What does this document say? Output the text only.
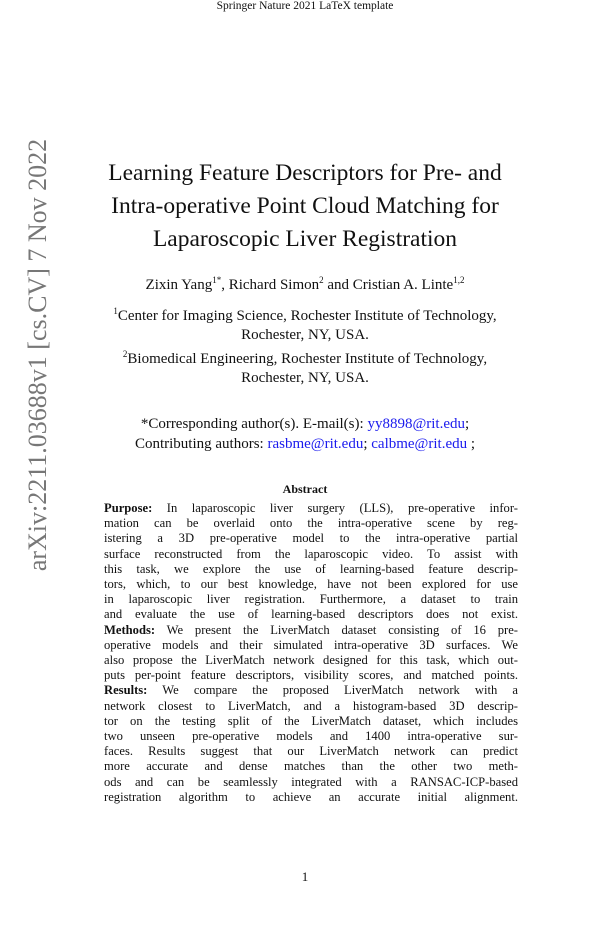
Springer Nature 2021 LaTeX template
arXiv:2211.03688v1 [cs.CV] 7 Nov 2022	Learning Feature Descriptors for Pre- and
Intra-operative Point Cloud Matching for
Laparoscopic Liver Registration
Zixin Yang$^{1*}$, Richard Simon$^2$ and Cristian A. Linte$^{1,2}$
$^1$Center for Imaging Science, Rochester Institute of Technology,
Rochester, NY, USA.
$^2$Biomedical Engineering, Rochester Institute of Technology,
Rochester, NY, USA.
*Corresponding author(s). E-mail(s): yy8898@rit.edu;
Contributing authors: rasbme@rit.edu; calbme@rit.edu ;
Abstract
Purpose: In laparoscopic liver surgery (LLS), pre-operative infor-
mation can be overlaid onto the intra-operative scene by reg-
istering a 3D pre-operative model to the intra-operative partial
surface reconstructed from the laparoscopic video. To assist with
this task, we explore the use of learning-based feature descrip-
tors, which, to our best knowledge, have not been explored for use
in laparoscopic liver registration. Furthermore, a dataset to train
and evaluate the use of learning-based descriptors does not exist.
Methods: We present the LiverMatch dataset consisting of 16 pre-
operative models and their simulated intra-operative 3D surfaces. We
also propose the LiverMatch network designed for this task, which out-
puts per-point feature descriptors, visibility scores, and matched points.
Results: We compare the proposed LiverMatch network with a
network closest to LiverMatch, and a histogram-based 3D descrip-
tor on the testing split of the LiverMatch dataset, which includes
two unseen pre-operative models and 1400 intra-operative sur-
faces. Results suggest that our LiverMatch network can predict
more accurate and dense matches than the other two meth-
ods and can be seamlessly integrated with a RANSAC-ICP-based
registration algorithm to achieve an accurate initial alignment.
1
